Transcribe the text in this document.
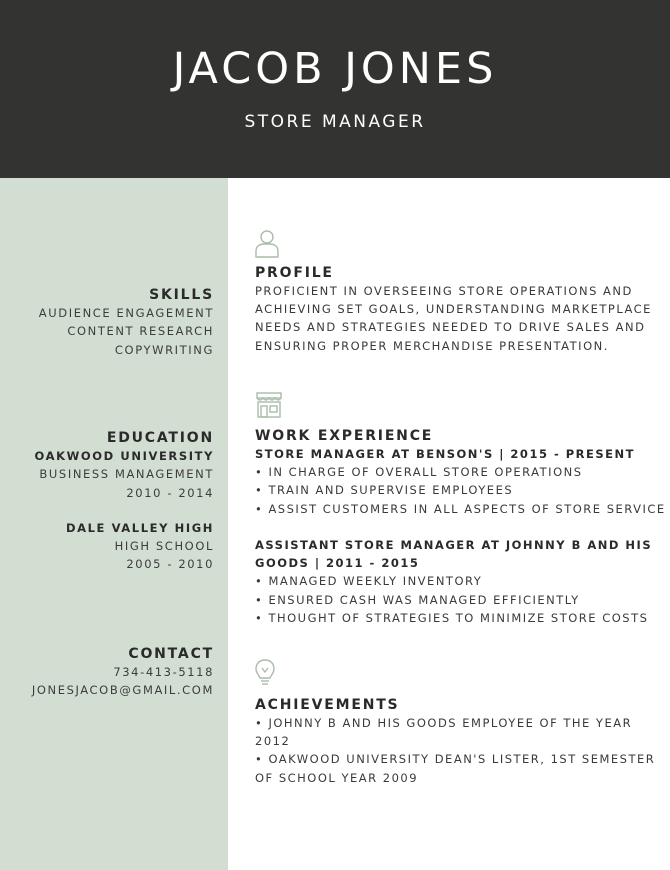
JACOB JONES
STORE MANAGER
SKILLS
AUDIENCE ENGAGEMENT
CONTENT RESEARCH
COPYWRITING
EDUCATION
OAKWOOD UNIVERSITY
BUSINESS MANAGEMENT
2010 - 2014
DALE VALLEY HIGH
HIGH SCHOOL
2005 - 2010
CONTACT
734-413-5118
JONESJACOB@GMAIL.COM
PROFILE
PROFICIENT IN OVERSEEING STORE OPERATIONS AND
ACHIEVING SET GOALS, UNDERSTANDING MARKETPLACE
NEEDS AND STRATEGIES NEEDED TO DRIVE SALES AND
ENSURING PROPER MERCHANDISE PRESENTATION.
WORK EXPERIENCE
STORE MANAGER AT BENSON'S | 2015 - PRESENT
• IN CHARGE OF OVERALL STORE OPERATIONS
• TRAIN AND SUPERVISE EMPLOYEES
• ASSIST CUSTOMERS IN ALL ASPECTS OF STORE SERVICE
ASSISTANT STORE MANAGER AT JOHNNY B AND HIS
GOODS | 2011 - 2015
• MANAGED WEEKLY INVENTORY
• ENSURED CASH WAS MANAGED EFFICIENTLY
• THOUGHT OF STRATEGIES TO MINIMIZE STORE COSTS
ACHIEVEMENTS
• JOHNNY B AND HIS GOODS EMPLOYEE OF THE YEAR
2012
• OAKWOOD UNIVERSITY DEAN'S LISTER, 1ST SEMESTER
OF SCHOOL YEAR 2009
